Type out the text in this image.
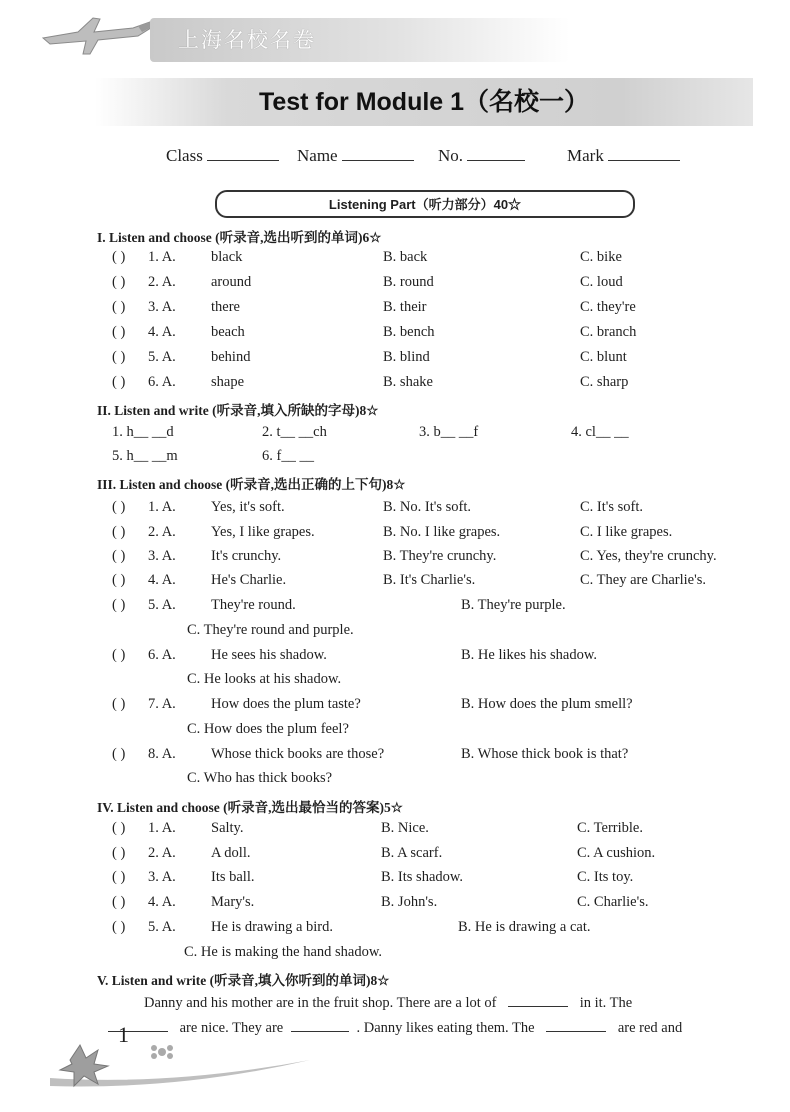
上海名校名卷
Test for Module 1（名校一）
Class	Name	No.	Mark
Listening Part（听力部分）40☆
I. Listen and choose (听录音,选出听到的单词)6☆
( ) 1. A. black	B. back	C. bike
( ) 2. A. around	B. round	C. loud
( ) 3. A. there	B. their	C. they're
( ) 4. A. beach	B. bench	C. branch
( ) 5. A. behind	B. blind	C. blunt
( ) 6. A. shape	B. shake	C. sharp
II. Listen and write (听录音,填入所缺的字母)8☆
1. h__ __d	2. t__ __ch	3. b__ __f	4. cl__ __
5. h__ __m	6. f__ __
III. Listen and choose (听录音,选出正确的上下句)8☆
( ) 1. A. Yes, it's soft.	B. No. It's soft.	C. It's soft.
( ) 2. A. Yes, I like grapes.	B. No. I like grapes.	C. I like grapes.
( ) 3. A. It's crunchy.	B. They're crunchy.	C. Yes, they're crunchy.
( ) 4. A. He's Charlie.	B. It's Charlie's.	C. They are Charlie's.
( ) 5. A. They're round.	B. They're purple.
C. They're round and purple.
( ) 6. A. He sees his shadow.	B. He likes his shadow.
C. He looks at his shadow.
( ) 7. A. How does the plum taste?	B. How does the plum smell?
C. How does the plum feel?
( ) 8. A. Whose thick books are those?	B. Whose thick book is that?
C. Who has thick books?
IV. Listen and choose (听录音,选出最恰当的答案)5☆
( ) 1. A. Salty.	B. Nice.	C. Terrible.
( ) 2. A. A doll.	B. A scarf.	C. A cushion.
( ) 3. A. Its ball.	B. Its shadow.	C. Its toy.
( ) 4. A. Mary's.	B. John's.	C. Charlie's.
( ) 5. A. He is drawing a bird.	B. He is drawing a cat.
C. He is making the hand shadow.
V. Listen and write (听录音,填入你听到的单词)8☆
Danny and his mother are in the fruit shop. There are a lot of	in it. The
are nice. They are	. Danny likes eating them. The	are red and
1
